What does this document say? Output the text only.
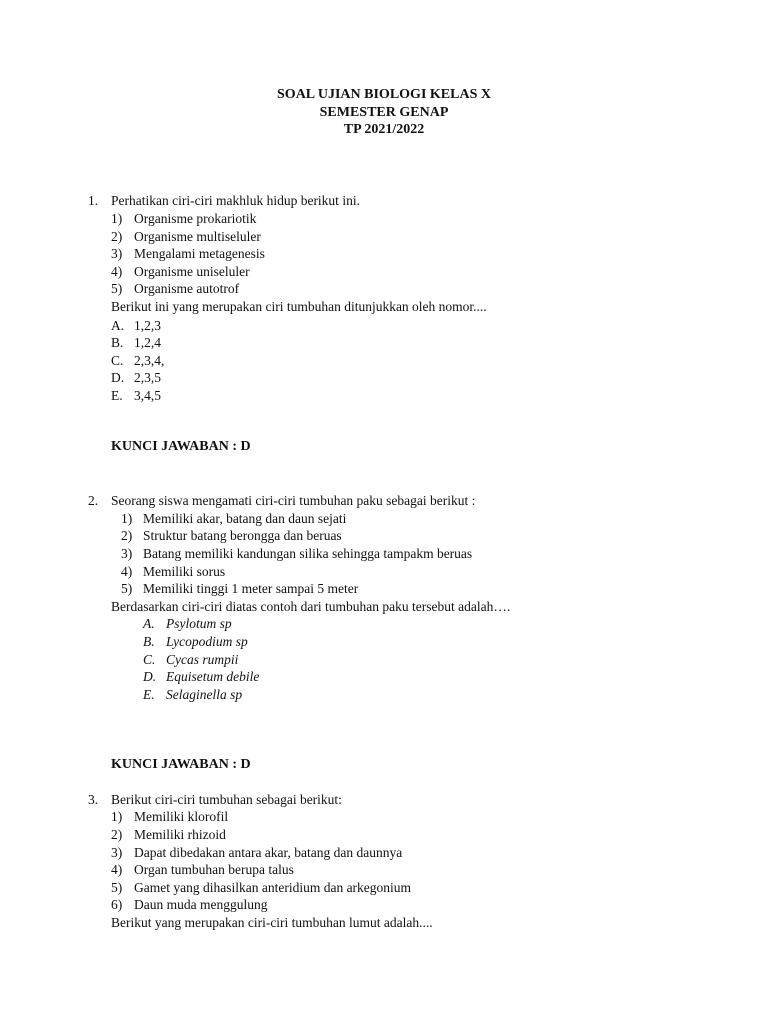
SOAL UJIAN BIOLOGI KELAS X
SEMESTER GENAP
TP 2021/2022
1. Perhatikan ciri-ciri makhluk hidup berikut ini.
1) Organisme prokariotik
2) Organisme multiseluler
3) Mengalami metagenesis
4) Organisme uniseluler
5) Organisme autotrof
Berikut ini yang merupakan ciri tumbuhan ditunjukkan oleh nomor....
A. 1,2,3
B. 1,2,4
C. 2,3,4,
D. 2,3,5
E. 3,4,5
KUNCI JAWABAN : D
2. Seorang siswa mengamati ciri-ciri tumbuhan paku sebagai berikut :
1) Memiliki akar, batang dan daun sejati
2) Struktur batang berongga dan beruas
3) Batang memiliki kandungan silika sehingga tampakm beruas
4) Memiliki sorus
5) Memiliki tinggi 1 meter sampai 5 meter
Berdasarkan ciri-ciri diatas contoh dari tumbuhan paku tersebut adalah….
A. Psylotum sp
B. Lycopodium sp
C. Cycas rumpii
D. Equisetum debile
E. Selaginella sp
KUNCI JAWABAN : D
3. Berikut ciri-ciri tumbuhan sebagai berikut:
1) Memiliki klorofil
2) Memiliki rhizoid
3) Dapat dibedakan antara akar, batang dan daunnya
4) Organ tumbuhan berupa talus
5) Gamet yang dihasilkan anteridium dan arkegonium
6) Daun muda menggulung
Berikut yang merupakan ciri-ciri tumbuhan lumut adalah....
